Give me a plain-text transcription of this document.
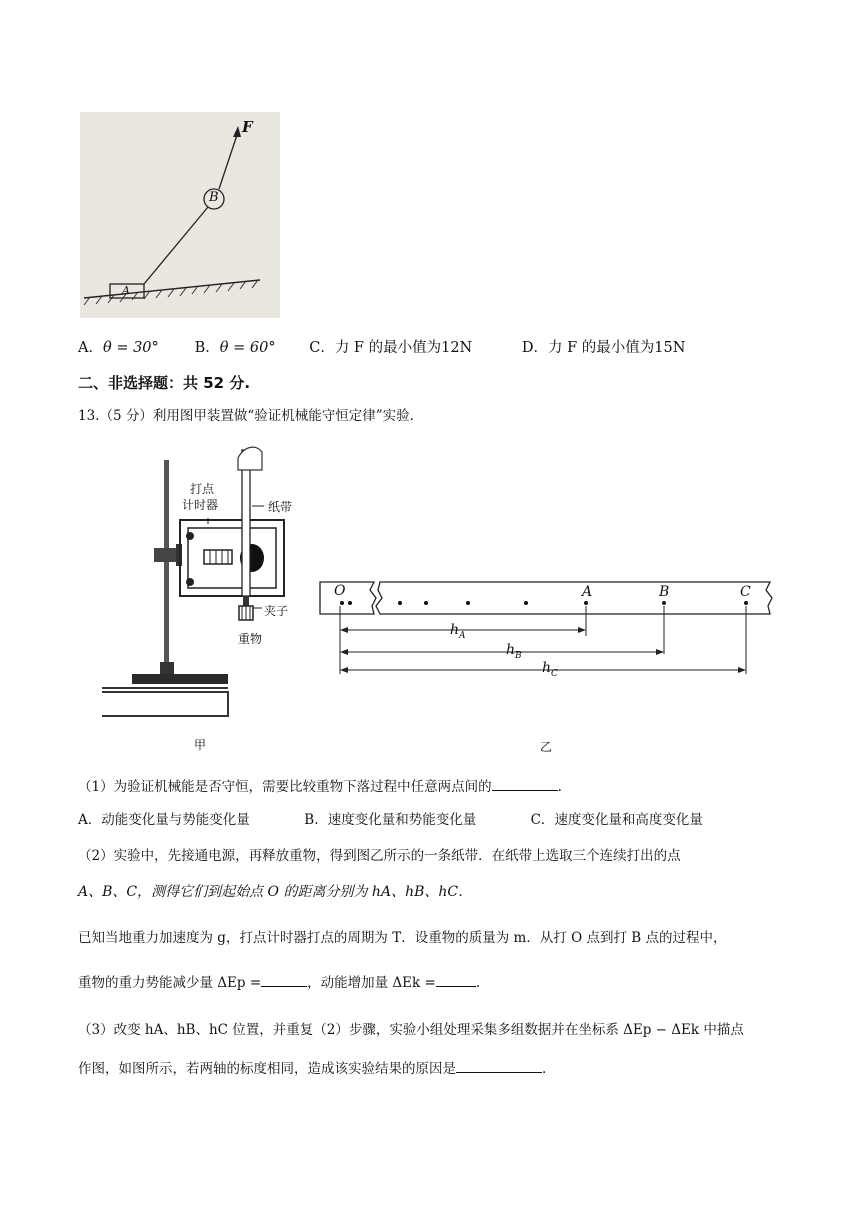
F
B
A
A．θ = 30° B．θ = 60° C．力 F 的最小值为12N	D．力 F 的最小值为15N
二、非选择题：共 52 分.
13.（5 分）利用图甲装置做“验证机械能守恒定律”实验.
打点
计时器	纸带
夹子
重物
甲
O	A	B	C
$h_A$
$h_B$
$h_C$
乙
（1）为验证机械能是否守恒，需要比较重物下落过程中任意两点间的	.
A．动能变化量与势能变化量	B．速度变化量和势能变化量	C．速度变化量和高度变化量
（2）实验中，先接通电源，再释放重物，得到图乙所示的一条纸带．在纸带上选取三个连续打出的点
A、B、C，测得它们到起始点 O 的距离分别为 hA、hB、hC．
已知当地重力加速度为 g，打点计时器打点的周期为 T．设重物的质量为 m．从打 O 点到打 B 点的过程中，
重物的重力势能减少量 ΔEp =	，动能增加量 ΔEk =	.
（3）改变 hA、hB、hC 位置，并重复（2）步骤，实验小组处理采集多组数据并在坐标系 ΔEp − ΔEk 中描点
作图，如图所示，若两轴的标度相同，造成该实验结果的原因是	.
